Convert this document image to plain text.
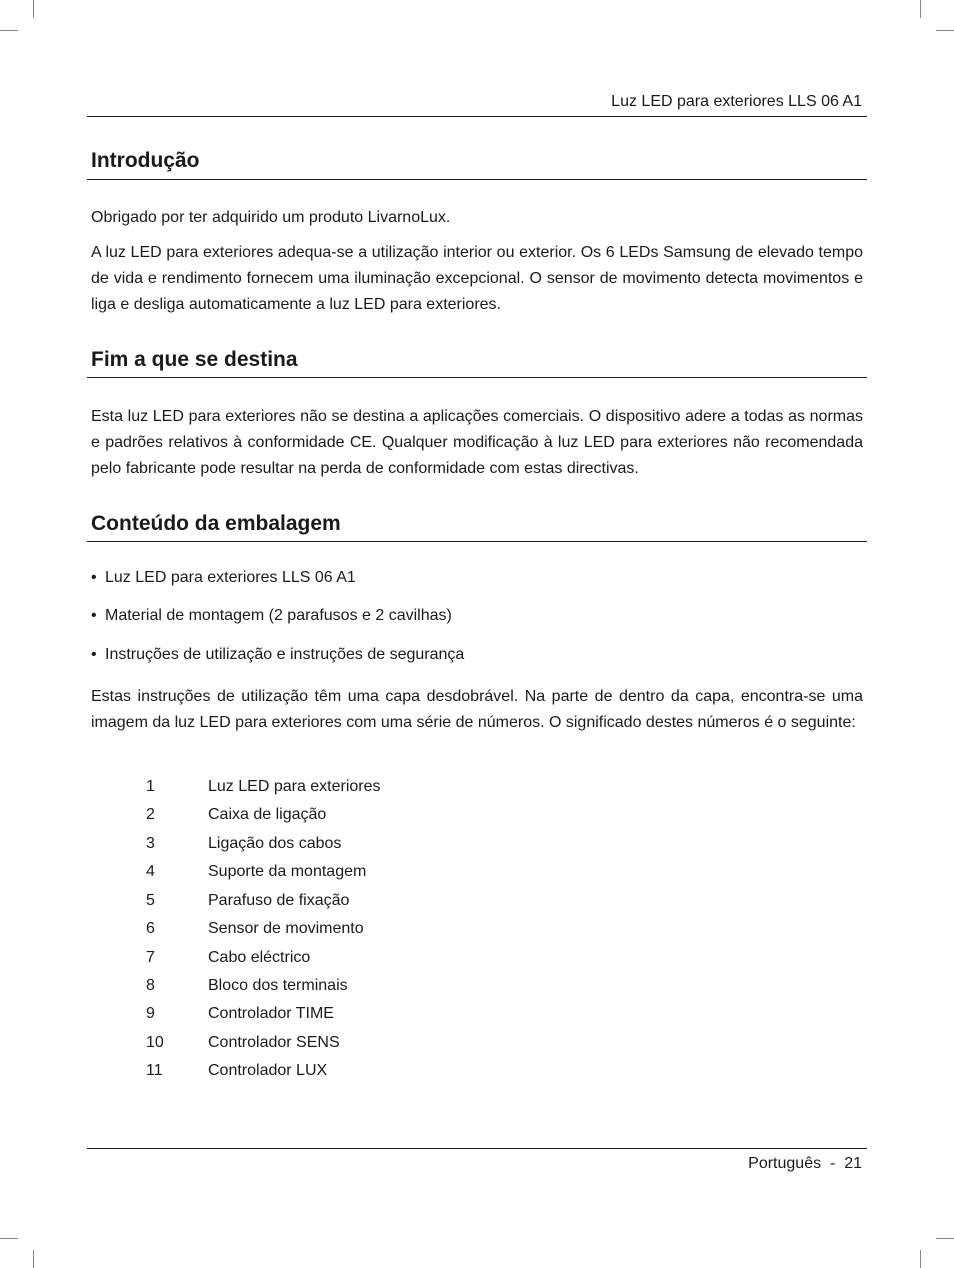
Luz LED para exteriores LLS 06 A1
Introdução
Obrigado por ter adquirido um produto LivarnoLux.
A luz LED para exteriores adequa-se a utilização interior ou exterior. Os 6 LEDs Samsung de elevado tempo de vida e rendimento fornecem uma iluminação excepcional. O sensor de movimento detecta movimentos e liga e desliga automaticamente a luz LED para exteriores.
Fim a que se destina
Esta luz LED para exteriores não se destina a aplicações comerciais. O dispositivo adere a todas as normas e padrões relativos à conformidade CE. Qualquer modificação à luz LED para exteriores não recomendada pelo fabricante pode resultar na perda de conformidade com estas directivas.
Conteúdo da embalagem
• Luz LED para exteriores LLS 06 A1
• Material de montagem (2 parafusos e 2 cavilhas)
• Instruções de utilização e instruções de segurança
Estas instruções de utilização têm uma capa desdobrável. Na parte de dentro da capa, encontra-se uma imagem da luz LED para exteriores com uma série de números. O significado destes números é o seguinte:
1	Luz LED para exteriores
2	Caixa de ligação
3	Ligação dos cabos
4	Suporte da montagem
5	Parafuso de fixação
6	Sensor de movimento
7	Cabo eléctrico
8	Bloco dos terminais
9	Controlador TIME
10	Controlador SENS
11	Controlador LUX
Português  -  21
